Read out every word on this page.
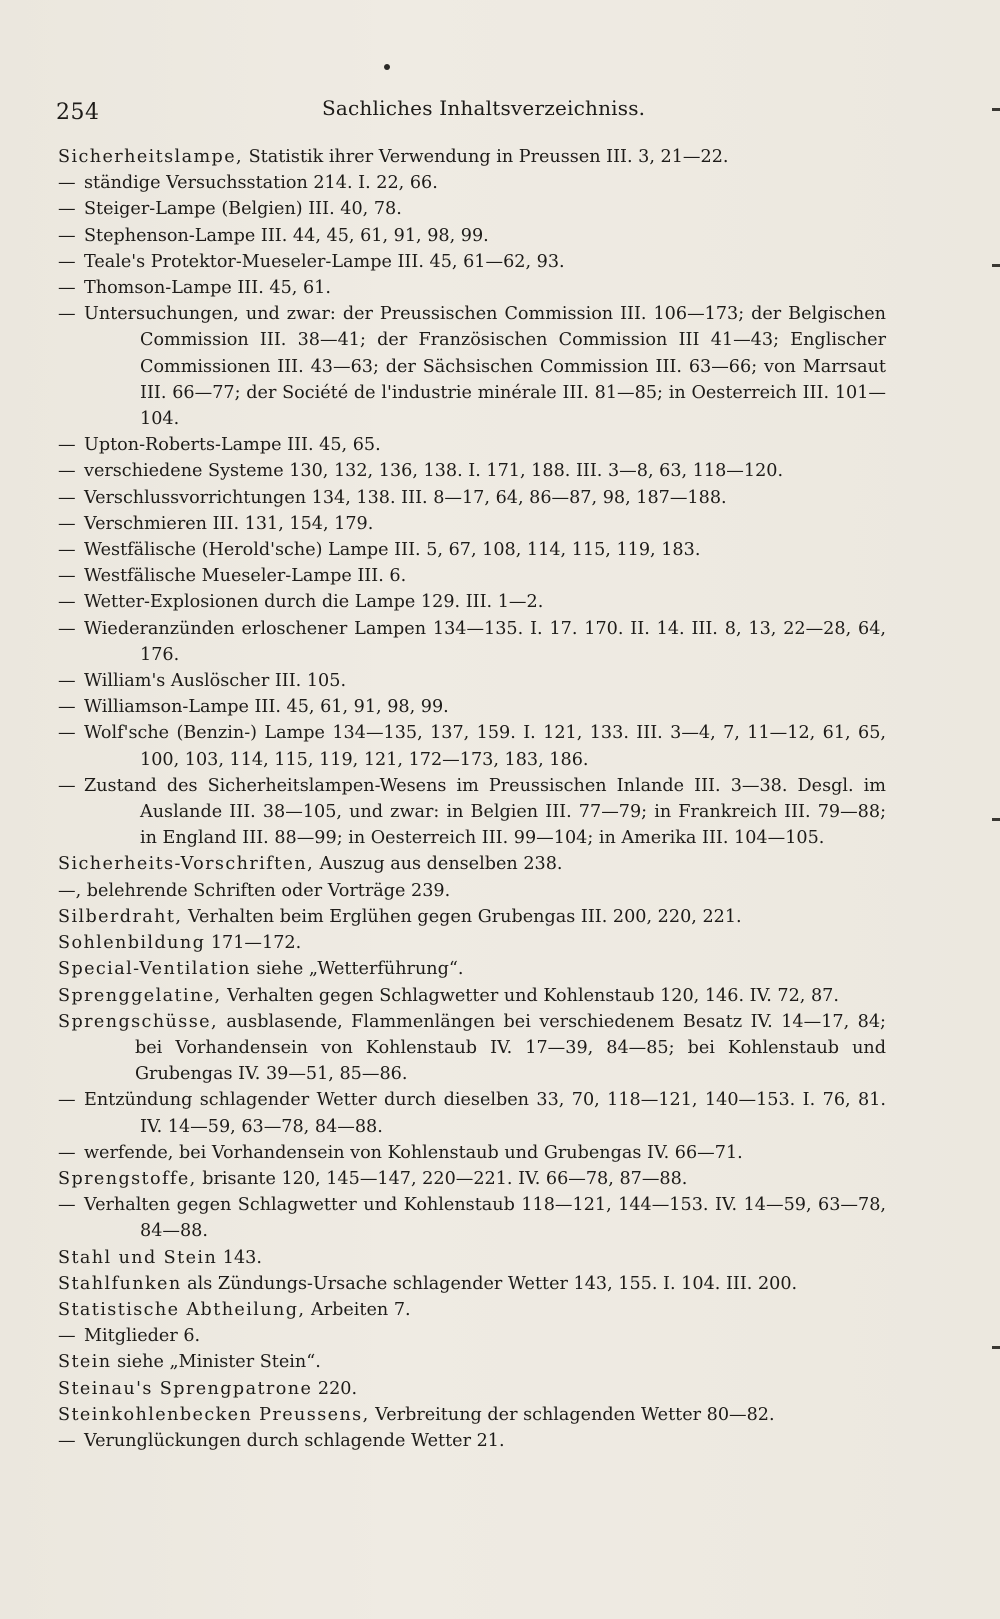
254	Sachliches Inhaltsverzeichniss.

Sicherheitslampe, Statistik ihrer Verwendung in Preussen III. 3, 21—22.

— ständige Versuchsstation 214. I. 22, 66.

— Steiger-Lampe (Belgien) III. 40, 78.

— Stephenson-Lampe III. 44, 45, 61, 91, 98, 99.

— Teale's Protektor-Mueseler-Lampe III. 45, 61—62, 93.

— Thomson-Lampe III. 45, 61.

— Untersuchungen, und zwar: der Preussischen Commission III. 106—173; der Belgischen Commission III. 38—41; der Französischen Commission III 41—43; Englischer Commissionen III. 43—63; der Sächsischen Commission III. 63—66; von Marrsaut III. 66—77; der Société de l'industrie minérale III. 81—85; in Oesterreich III. 101—104.

— Upton-Roberts-Lampe III. 45, 65.

— verschiedene Systeme 130, 132, 136, 138. I. 171, 188. III. 3—8, 63, 118—120.

— Verschlussvorrichtungen 134, 138. III. 8—17, 64, 86—87, 98, 187—188.

— Verschmieren III. 131, 154, 179.

— Westfälische (Herold'sche) Lampe III. 5, 67, 108, 114, 115, 119, 183.

— Westfälische Mueseler-Lampe III. 6.

— Wetter-Explosionen durch die Lampe 129. III. 1—2.

— Wiederanzünden erloschener Lampen 134—135. I. 17. 170. II. 14. III. 8, 13, 22—28, 64, 176.

— William's Auslöscher III. 105.

— Williamson-Lampe III. 45, 61, 91, 98, 99.

— Wolf'sche (Benzin-) Lampe 134—135, 137, 159. I. 121, 133. III. 3—4, 7, 11—12, 61, 65, 100, 103, 114, 115, 119, 121, 172—173, 183, 186.

— Zustand des Sicherheitslampen-Wesens im Preussischen Inlande III. 3—38. Desgl. im Auslande III. 38—105, und zwar: in Belgien III. 77—79; in Frankreich III. 79—88; in England III. 88—99; in Oesterreich III. 99—104; in Amerika III. 104—105.

Sicherheits-Vorschriften, Auszug aus denselben 238.

—, belehrende Schriften oder Vorträge 239.

Silberdraht, Verhalten beim Erglühen gegen Grubengas III. 200, 220, 221.

Sohlenbildung 171—172.

Special-Ventilation siehe „Wetterführung“.

Sprenggelatine, Verhalten gegen Schlagwetter und Kohlenstaub 120, 146. IV. 72, 87.

Sprengschüsse, ausblasende, Flammenlängen bei verschiedenem Besatz IV. 14—17, 84; bei Vorhandensein von Kohlenstaub IV. 17—39, 84—85; bei Kohlenstaub und Grubengas IV. 39—51, 85—86.

— Entzündung schlagender Wetter durch dieselben 33, 70, 118—121, 140—153. I. 76, 81. IV. 14—59, 63—78, 84—88.

— werfende, bei Vorhandensein von Kohlenstaub und Grubengas IV. 66—71.

Sprengstoffe, brisante 120, 145—147, 220—221. IV. 66—78, 87—88.

— Verhalten gegen Schlagwetter und Kohlenstaub 118—121, 144—153. IV. 14—59, 63—78, 84—88.

Stahl und Stein 143.

Stahlfunken als Zündungs-Ursache schlagender Wetter 143, 155. I. 104. III. 200.

Statistische Abtheilung, Arbeiten 7.

— Mitglieder 6.

Stein siehe „Minister Stein“.

Steinau's Sprengpatrone 220.

Steinkohlenbecken Preussens, Verbreitung der schlagenden Wetter 80—82.

— Verunglückungen durch schlagende Wetter 21.
